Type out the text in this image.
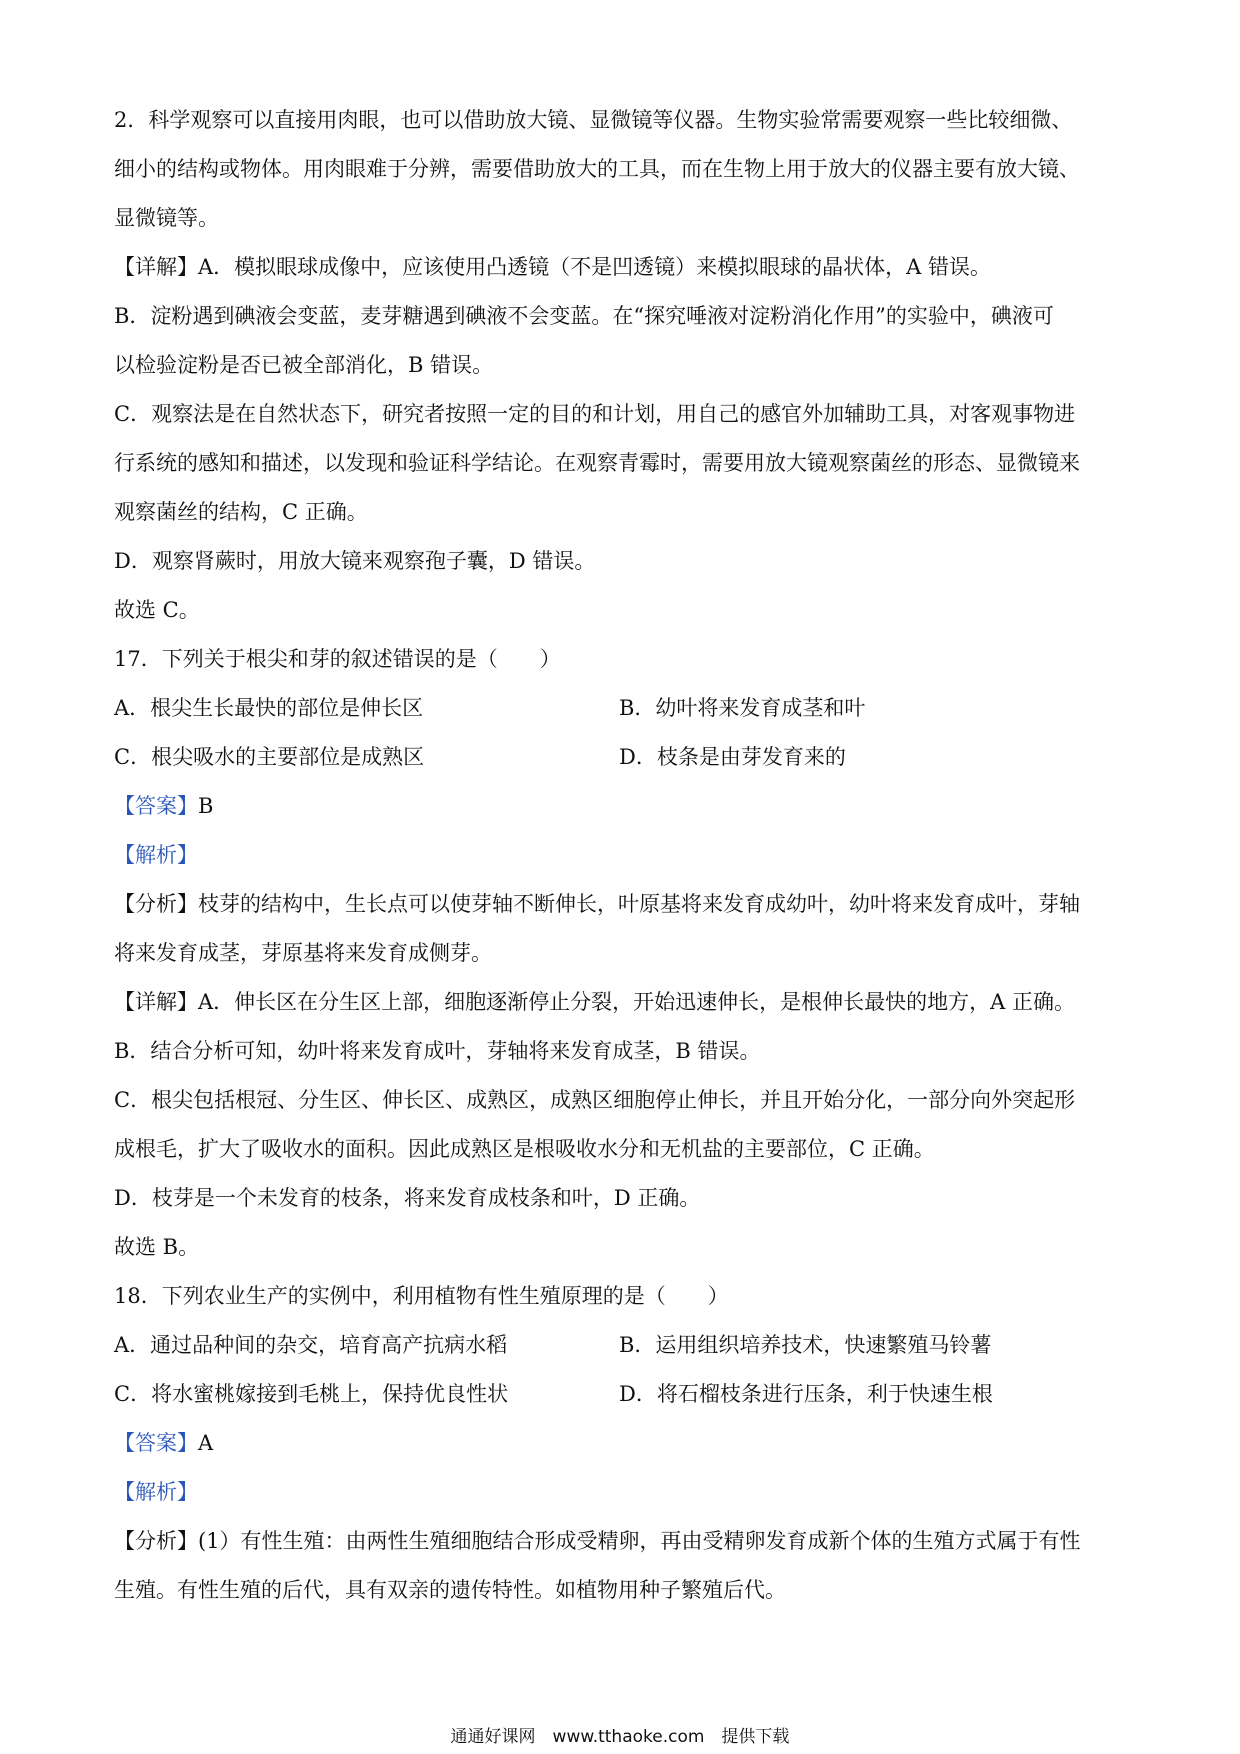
2．科学观察可以直接用肉眼，也可以借助放大镜、显微镜等仪器。生物实验常需要观察一些比较细微、
细小的结构或物体。用肉眼难于分辨，需要借助放大的工具，而在生物上用于放大的仪器主要有放大镜、
显微镜等。
【详解】A．模拟眼球成像中，应该使用凸透镜（不是凹透镜）来模拟眼球的晶状体，A 错误。
B．淀粉遇到碘液会变蓝，麦芽糖遇到碘液不会变蓝。在“探究唾液对淀粉消化作用”的实验中，碘液可
以检验淀粉是否已被全部消化，B 错误。
C．观察法是在自然状态下，研究者按照一定的目的和计划，用自己的感官外加辅助工具，对客观事物进
行系统的感知和描述，以发现和验证科学结论。在观察青霉时，需要用放大镜观察菌丝的形态、显微镜来
观察菌丝的结构，C 正确。
D．观察肾蕨时，用放大镜来观察孢子囊，D 错误。
故选 C。
17．下列关于根尖和芽的叙述错误的是（　　）
A．根尖生长最快的部位是伸长区	B．幼叶将来发育成茎和叶
C．根尖吸水的主要部位是成熟区	D．枝条是由芽发育来的
【答案】B
【解析】
【分析】枝芽的结构中，生长点可以使芽轴不断伸长，叶原基将来发育成幼叶，幼叶将来发育成叶，芽轴
将来发育成茎，芽原基将来发育成侧芽。
【详解】A．伸长区在分生区上部，细胞逐渐停止分裂，开始迅速伸长，是根伸长最快的地方，A 正确。
B．结合分析可知，幼叶将来发育成叶，芽轴将来发育成茎，B 错误。
C．根尖包括根冠、分生区、伸长区、成熟区，成熟区细胞停止伸长，并且开始分化，一部分向外突起形
成根毛，扩大了吸收水的面积。因此成熟区是根吸收水分和无机盐的主要部位，C 正确。
D．枝芽是一个未发育的枝条，将来发育成枝条和叶，D 正确。
故选 B。
18．下列农业生产的实例中，利用植物有性生殖原理的是（　　）
A．通过品种间的杂交，培育高产抗病水稻	B．运用组织培养技术，快速繁殖马铃薯
C．将水蜜桃嫁接到毛桃上，保持优良性状	D．将石榴枝条进行压条，利于快速生根
【答案】A
【解析】
【分析】(1）有性生殖：由两性生殖细胞结合形成受精卵，再由受精卵发育成新个体的生殖方式属于有性
生殖。有性生殖的后代，具有双亲的遗传特性。如植物用种子繁殖后代。
通通好课网　www.tthaoke.com　提供下载
